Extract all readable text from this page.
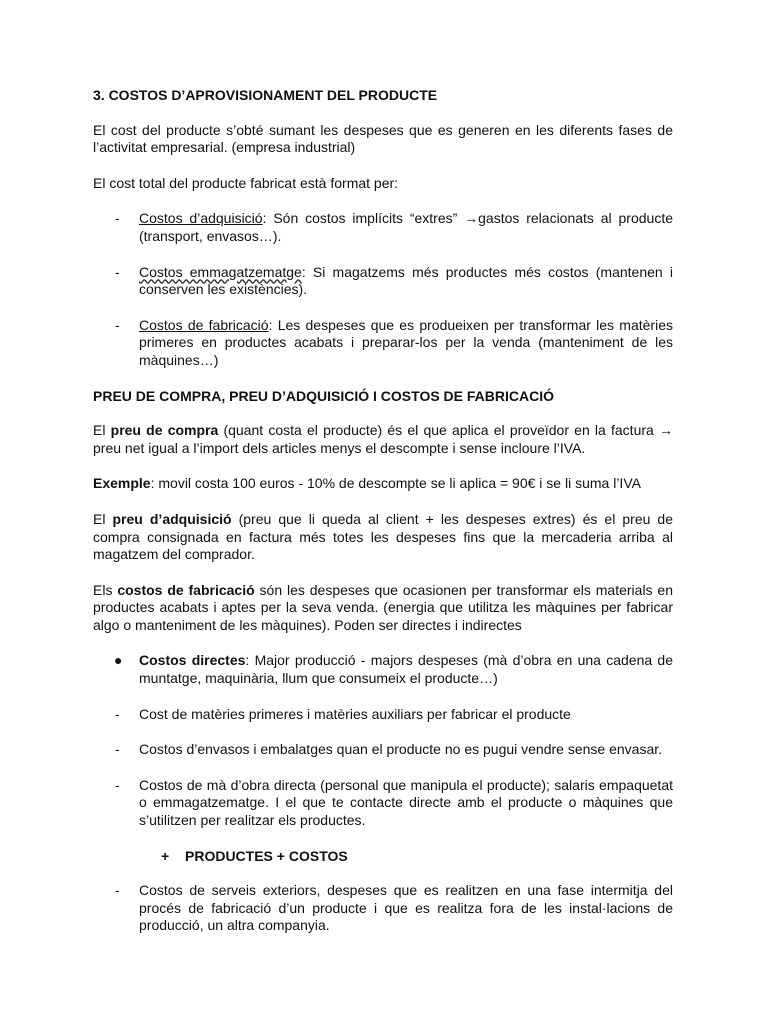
3. COSTOS D’APROVISIONAMENT DEL PRODUCTE

El cost del producte s’obté sumant les despeses que es generen en les diferents fases de l’activitat empresarial. (empresa industrial)

El cost total del producte fabricat està format per:

- Costos d’adquisició: Són costos implícits “extres” →gastos relacionats al producte (transport, envasos…).
- Costos emmagatzematge: Si magatzems més productes més costos (mantenen i conserven les existències).
- Costos de fabricació: Les despeses que es produeixen per transformar les matèries primeres en productes acabats i preparar-los per la venda (manteniment de les màquines…)
PREU DE COMPRA, PREU D’ADQUISICIÓ I COSTOS DE FABRICACIÓ

El preu de compra (quant costa el producte) és el que aplica el proveïdor en la factura → preu net igual a l’import dels articles menys el descompte i sense incloure l’IVA.

Exemple: movil costa 100 euros - 10% de descompte se li aplica = 90€ i se li suma l’IVA

El preu d’adquisició (preu que li queda al client + les despeses extres) és el preu de compra consignada en factura més totes les despeses fins que la mercaderia arriba al magatzem del comprador.

Els costos de fabricació són les despeses que ocasionen per transformar els materials en productes acabats i aptes per la seva venda. (energia que utilitza les màquines per fabricar algo o manteniment de les màquines). Poden ser directes i indirectes

● Costos directes: Major producció - majors despeses (mà d’obra en una cadena de muntatge, maquinària, llum que consumeix el producte…)
- Cost de matèries primeres i matèries auxiliars per fabricar el producte
- Costos d’envasos i embalatges quan el producte no es pugui vendre sense envasar.
- Costos de mà d’obra directa (personal que manipula el producte); salaris empaquetat o emmagatzematge. I el que te contacte directe amb el producte o màquines que s’utilitzen per realitzar els productes.
+ PRODUCTES + COSTOS
- Costos de serveis exteriors, despeses que es realitzen en una fase intermitja del procés de fabricació d’un producte i que es realitza fora de les instal·lacions de producció, un altra companyia.
